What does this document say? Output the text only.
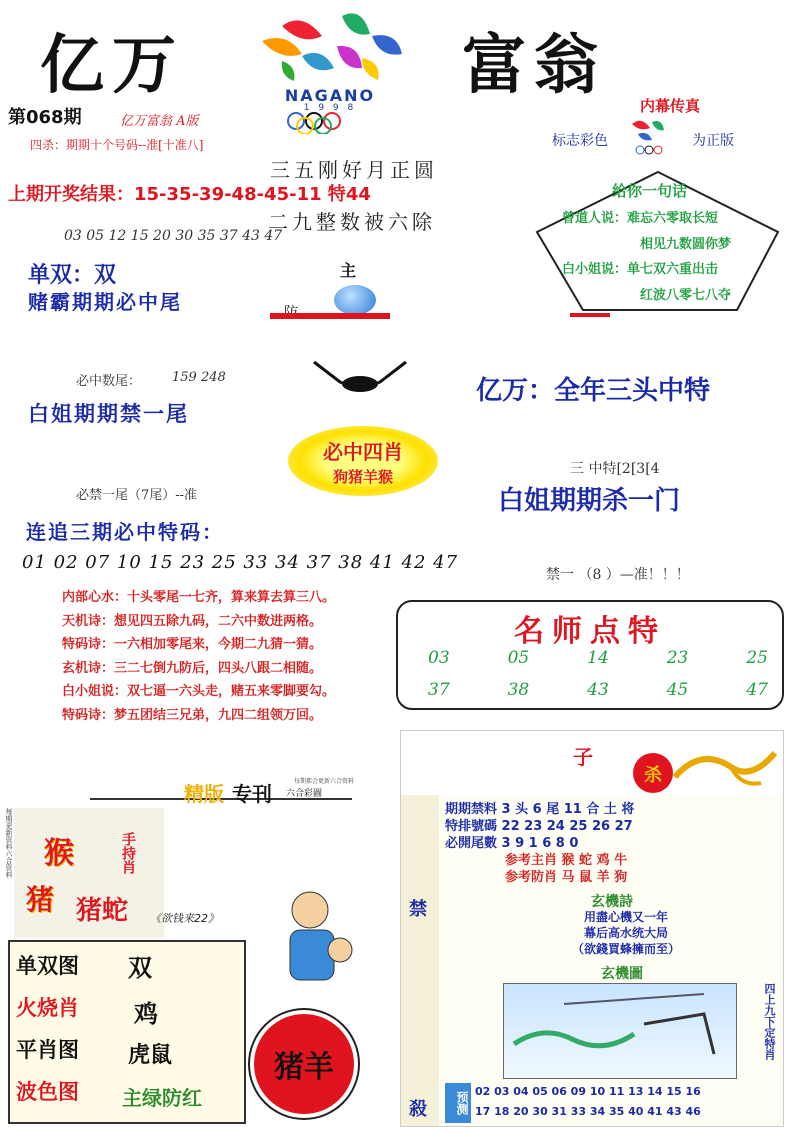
亿万	富翁
NAGANO
1 9 9 8
第068期	亿万富翁 A版
四杀：期期十个号码--准[十准八]
上期开奖结果：15-35-39-48-45-11 特44
三五刚好月正圆
二九整数被六除
03 05 12 15 20 30 35 37 43 47
单双：双
赌霸期期必中尾
主
内幕传真
标志彩色	为正版
给你一句话
曾道人说：难忘六零取长短
相见九数圆你梦
白小姐说：单七双六重出击
红波八零七八夺
必中数尾： 159 248
白姐期期禁一尾
必中四肖
狗猪羊猴
必禁一尾（7尾）--准
亿万：全年三头中特
三 中特[2[3[4
白姐期期杀一门
连追三期必中特码：
01 02 07 10 15 23 25 33 34 37 38 41 42 47
禁一 （8 ）—准！！！
内部心水：十头零尾一七齐，算来算去算三八。
天机诗：想见四五除九码，二六中数进两格。
特码诗：一六相加零尾来，今期二九猜一猜。
玄机诗：三二七倒九防后，四头八跟二相随。
白小姐说：双七逼一六头走，赌五来零脚要勾。
特码诗：梦五团结三兄弟，九四二组领万回。
名师点特
03	05	14	23	25
37	38	43	45	47
精版 专刊 六合彩圖
每期都会更新六合资料
每期更新资料六合资料 猴
猪 猪蛇
手持肖
《欲钱来22》
单双图
火烧肖
平肖图
波色图
双
鸡
虎鼠
主绿防红
猪羊
子
杀
禁
殺
期期禁料 3 头 6 尾 11 合 土 将
特排號碼 22 23 24 25 26 27
必開尾數 3 9 1 6 8 0
参考主肖 猴 蛇 鸡 牛
参考防肖 马 鼠 羊 狗
玄機詩
用盡心機又一年
幕后高水统大局
（欲錢買蜂擁而至）
玄機圖
四上九下定特肖
预测 02 03 04 05 06 09 10 11 13 14 15 16
17 18 20 30 31 33 34 35 40 41 43 46
